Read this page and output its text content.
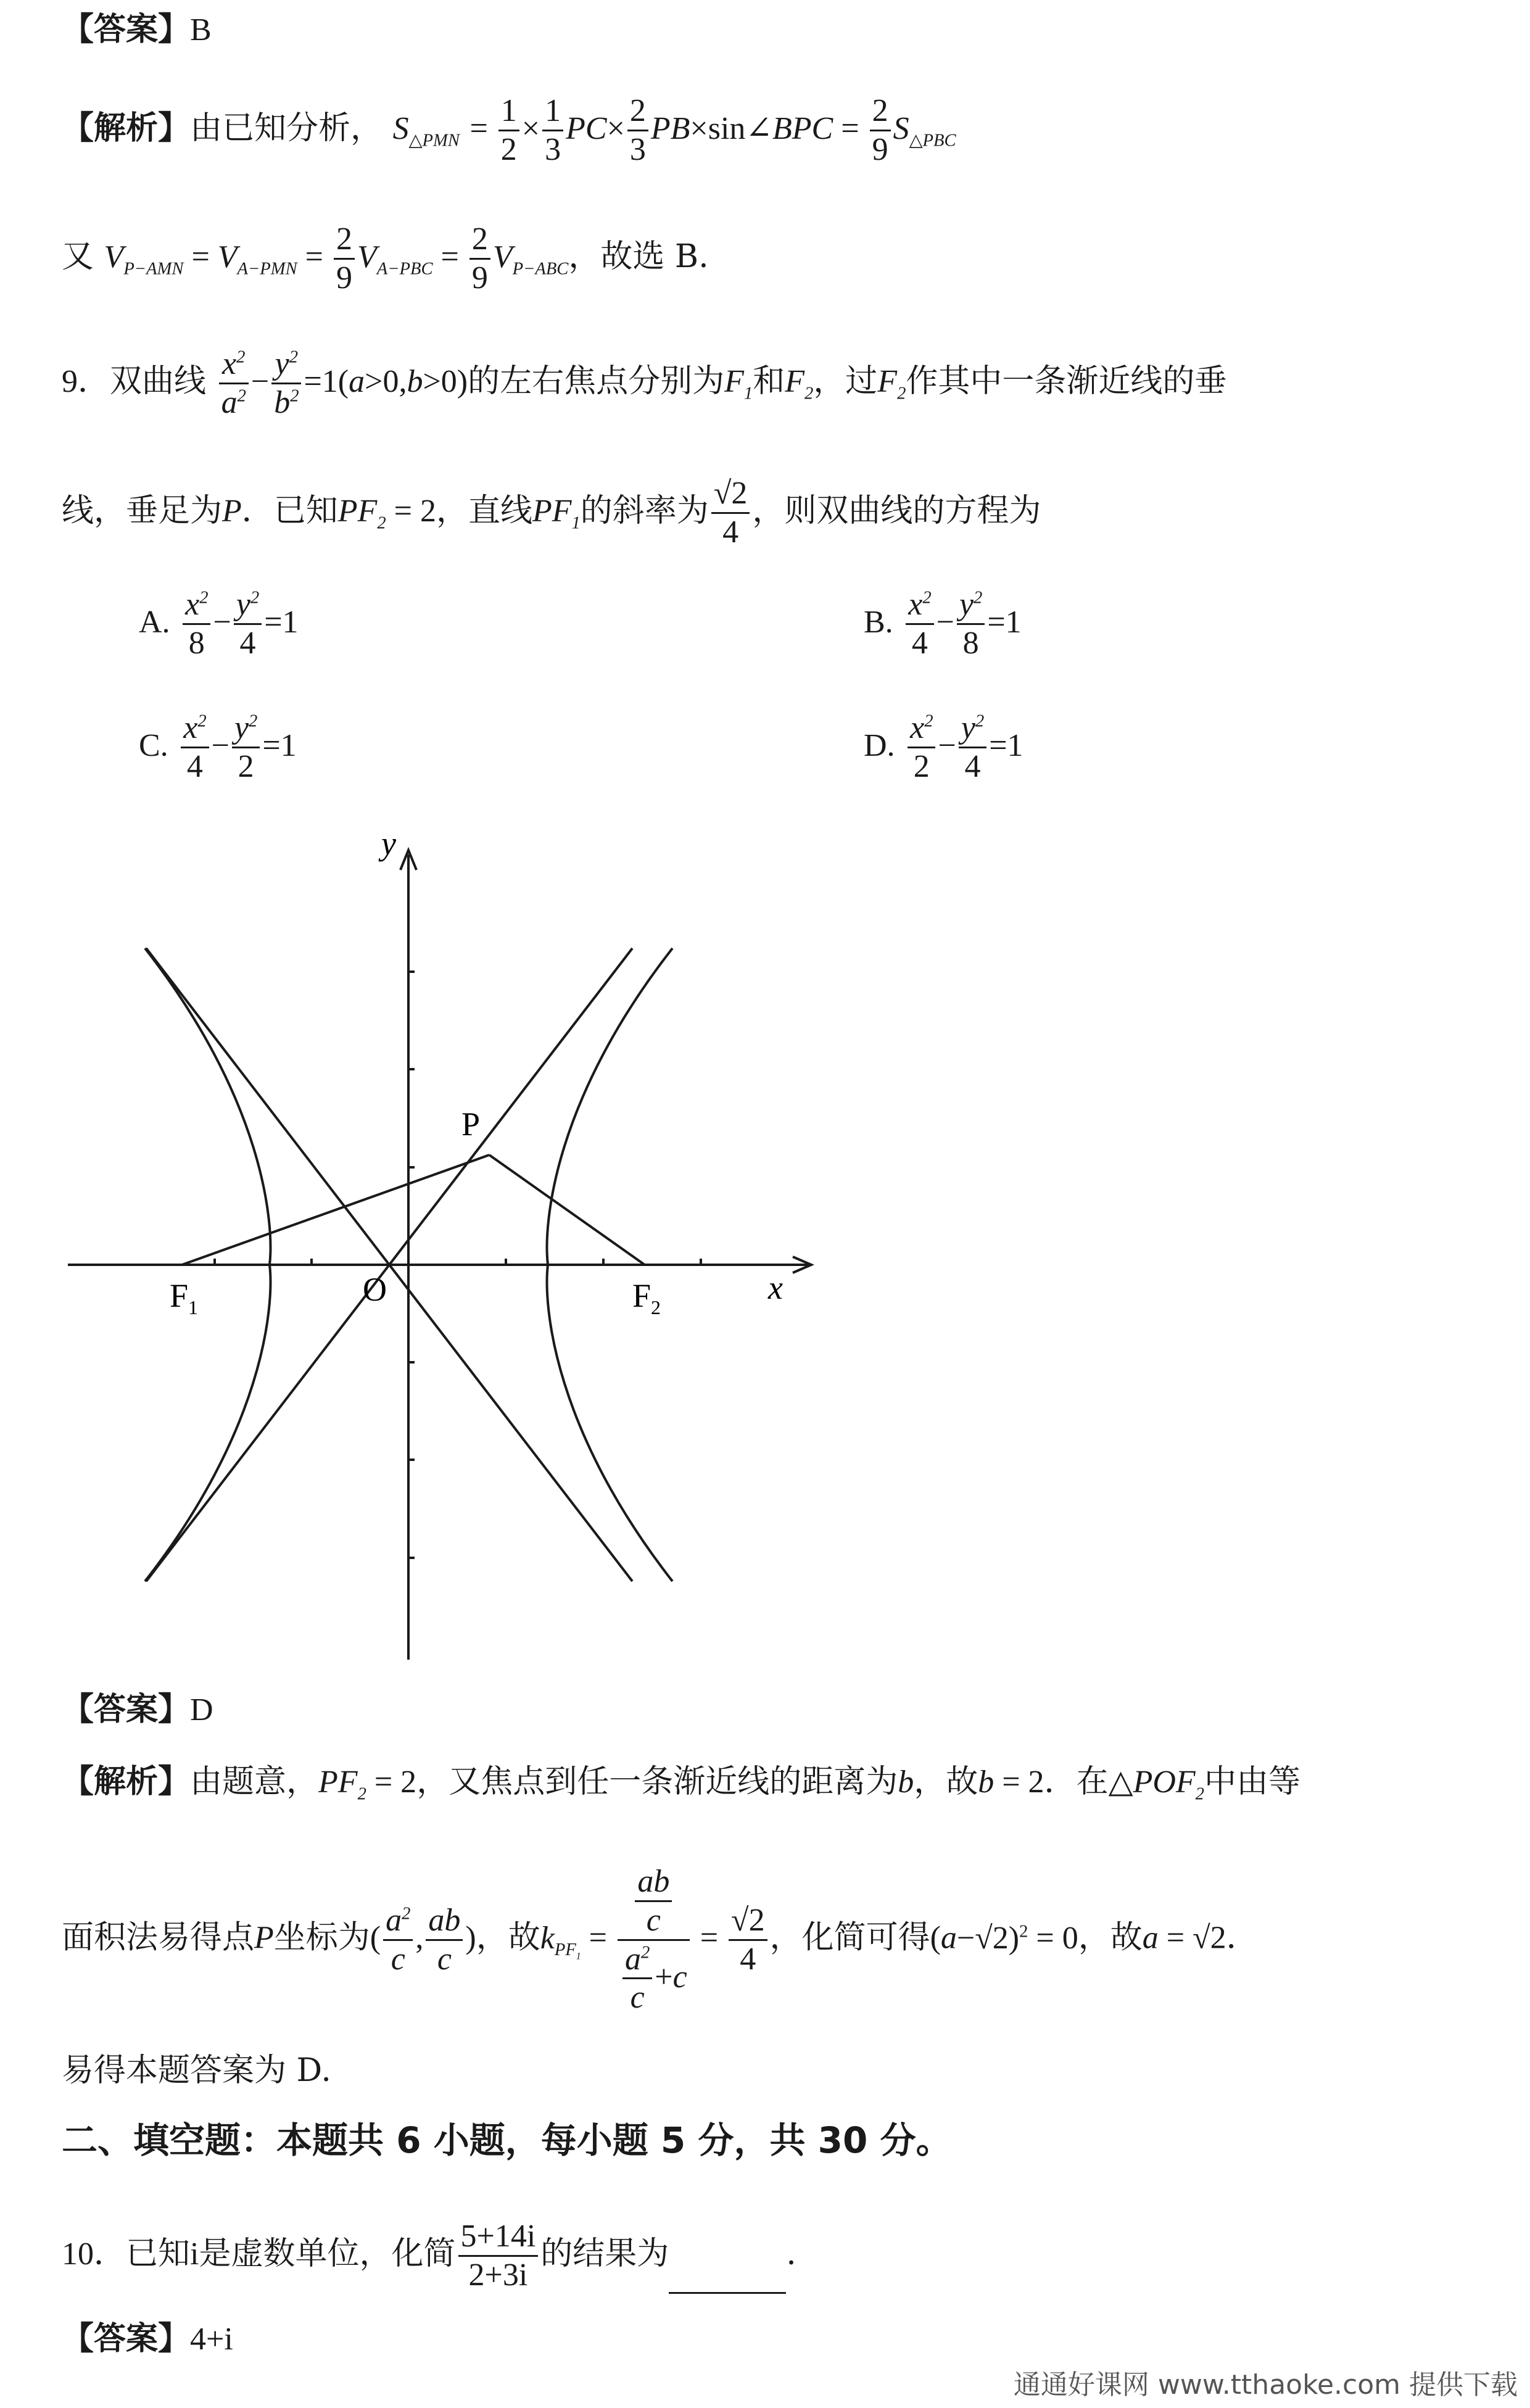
【答案】B
【解析】由已知分析， $S_{\triangle PMN} = \frac{1}{2} \times \frac{1}{3} PC\times \frac{2}{3}$ PB×sin∠BPC = $\frac{2}{9} S_{\triangle PBC}$
又 $V_{P-AMN} = V_{A-PMN} = \frac{2}{9} V_{A-PBC} = \frac{2}{9} V_{P-ABC}$，故选 B.
9．双曲线 $\frac{x^2}{a^2} - \frac{y^2}{b^2} =1(a>0,b>0)$的左右焦点分别为$F_1$和$F_2$，过$F_2$作其中一条渐近线的垂
线，垂足为P．已知$PF_2 = 2$，直线$PF_1$的斜率为 $\frac{√2}{4}$ ，则双曲线的方程为
A. $\frac{x^2}{8} - \frac{y^2}{4} =1$	B. $\frac{x^2}{4} - \frac{y^2}{8} =1$
C. $\frac{x^2}{4} - \frac{y^2}{2} =1$	D. $\frac{x^2}{2} - \frac{y^2}{4} =1$
y
x
P
O
$F_1$	$F_2$
【答案】D
【解析】由题意，$PF_2 = 2$，又焦点到任一条渐近线的距离为b，故b = 2．在$\triangle POF_2$中由等
面积法易得点P坐标为( $\frac{a^2}{c}$ , $\frac{ab}{c}$ )，故$k_{PF_1} = \frac{\frac{ab}{c}}{\frac{a^2}{c} +c} = \frac{√2}{4}$ ，化简可得$(a-√2)^2 = 0$，故a = √2．
易得本题答案为 D.
二、填空题：本题共 6 小题，每小题 5 分，共 30 分。
10．已知i是虚数单位，化简 $\frac{5+14i}{2+3i}$ 的结果为	.
【答案】4+i
通通好课网 www.tthaoke.com 提供下载
